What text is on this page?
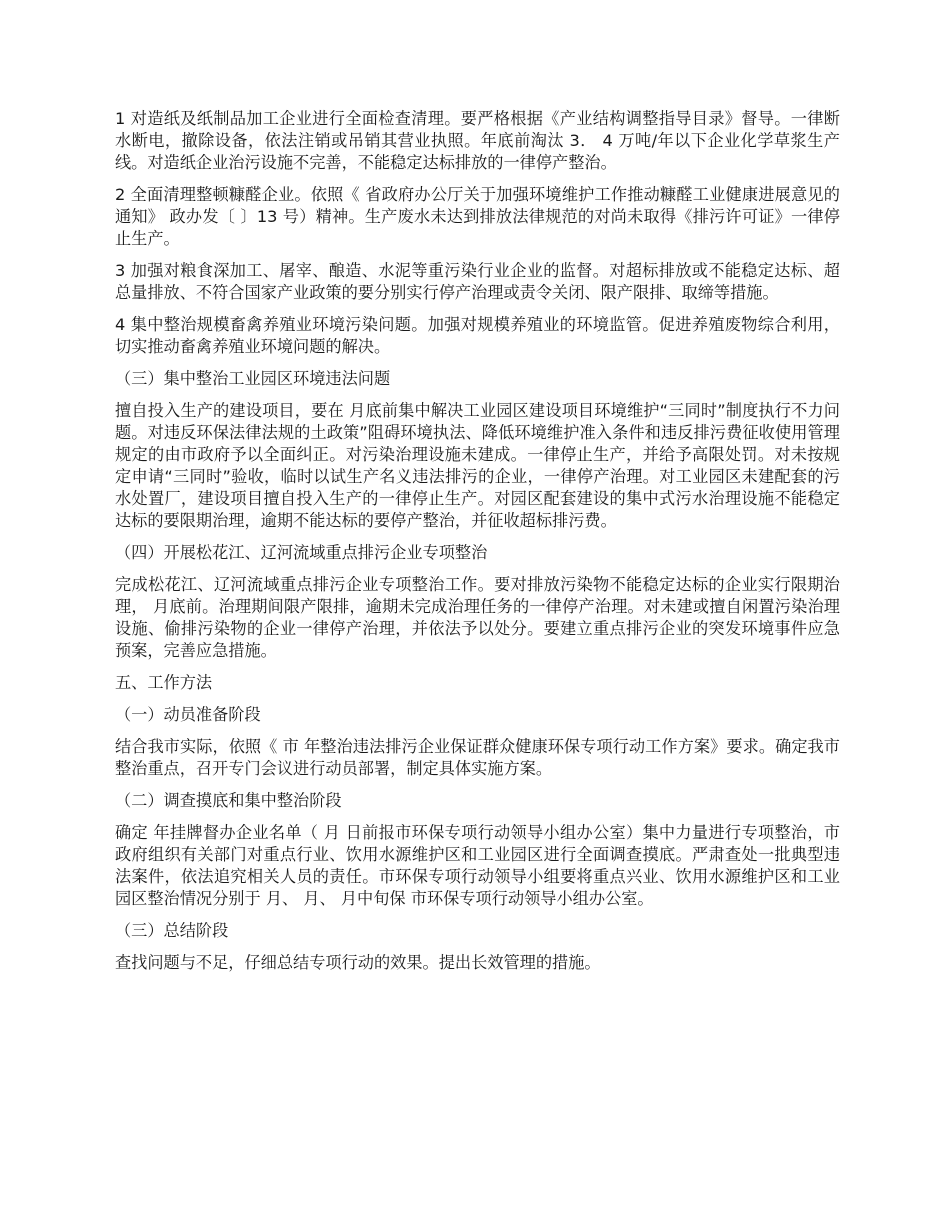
1 对造纸及纸制品加工企业进行全面检查清理。要严格根据《产业结构调整指导目录》督导。一律断水断电，撤除设备，依法注销或吊销其营业执照。年底前淘汰 3． 4 万吨/年以下企业化学草浆生产线。对造纸企业治污设施不完善，不能稳定达标排放的一律停产整治。

2 全面清理整顿糠醛企业。依照《 省政府办公厅关于加强环境维护工作推动糠醛工业健康进展意见的通知》 政办发〔 〕13 号）精神。生产废水未达到排放法律规范的对尚未取得《排污许可证》一律停止生产。

3 加强对粮食深加工、屠宰、酿造、水泥等重污染行业企业的监督。对超标排放或不能稳定达标、超总量排放、不符合国家产业政策的要分别实行停产治理或责令关闭、限产限排、取缔等措施。

4 集中整治规模畜禽养殖业环境污染问题。加强对规模养殖业的环境监管。促进养殖废物综合利用，切实推动畜禽养殖业环境问题的解决。

（三）集中整治工业园区环境违法问题

擅自投入生产的建设项目，要在 月底前集中解决工业园区建设项目环境维护“三同时”制度执行不力问题。对违反环保法律法规的土政策”阻碍环境执法、降低环境维护准入条件和违反排污费征收使用管理规定的由市政府予以全面纠正。对污染治理设施未建成。一律停止生产，并给予高限处罚。对未按规定申请“三同时”验收，临时以试生产名义违法排污的企业，一律停产治理。对工业园区未建配套的污水处置厂，建设项目擅自投入生产的一律停止生产。对园区配套建设的集中式污水治理设施不能稳定达标的要限期治理，逾期不能达标的要停产整治，并征收超标排污费。

（四）开展松花江、辽河流域重点排污企业专项整治

完成松花江、辽河流域重点排污企业专项整治工作。要对排放污染物不能稳定达标的企业实行限期治理， 月底前。治理期间限产限排，逾期未完成治理任务的一律停产治理。对未建或擅自闲置污染治理设施、偷排污染物的企业一律停产治理，并依法予以处分。要建立重点排污企业的突发环境事件应急预案，完善应急措施。

五、工作方法

（一）动员准备阶段

结合我市实际，依照《 市 年整治违法排污企业保证群众健康环保专项行动工作方案》要求。确定我市整治重点，召开专门会议进行动员部署，制定具体实施方案。

（二）调查摸底和集中整治阶段

确定 年挂牌督办企业名单（ 月 日前报市环保专项行动领导小组办公室）集中力量进行专项整治，市政府组织有关部门对重点行业、饮用水源维护区和工业园区进行全面调查摸底。严肃查处一批典型违法案件，依法追究相关人员的责任。市环保专项行动领导小组要将重点兴业、饮用水源维护区和工业园区整治情况分别于 月、 月、 月中旬保 市环保专项行动领导小组办公室。

（三）总结阶段

查找问题与不足，仔细总结专项行动的效果。提出长效管理的措施。
